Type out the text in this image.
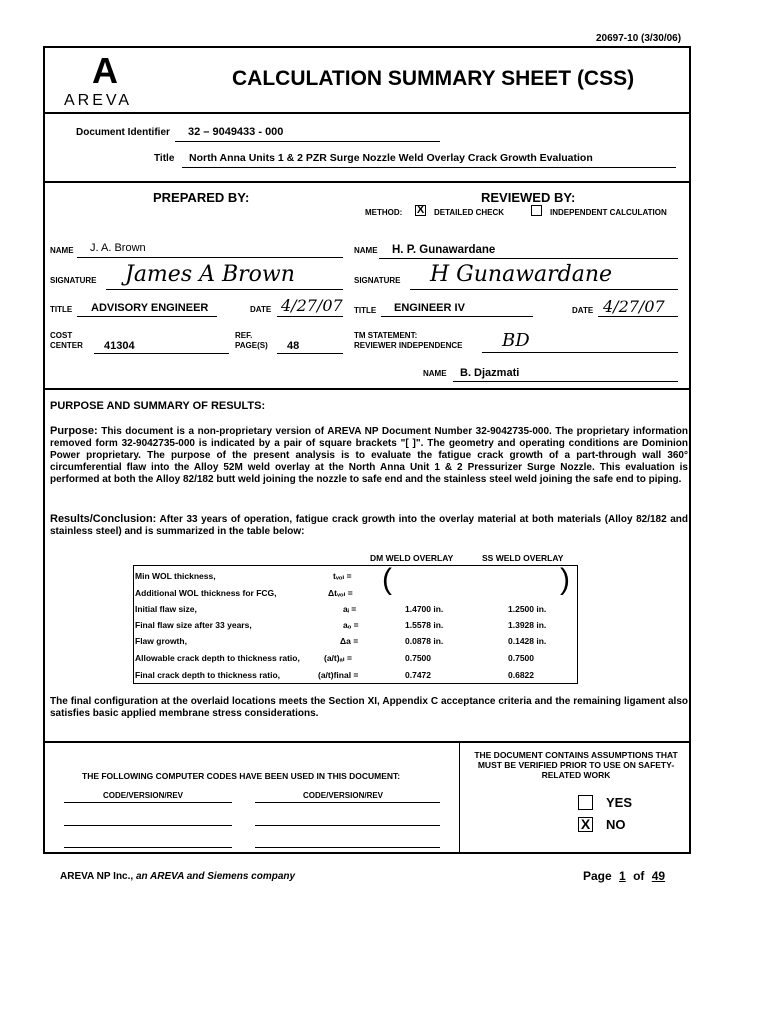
20697-10 (3/30/06)
A
AREVA
CALCULATION SUMMARY SHEET (CSS)
Document Identifier 32 – 9049433 - 000
Title North Anna Units 1 & 2 PZR Surge Nozzle Weld Overlay Crack Growth Evaluation
PREPARED BY:	REVIEWED BY:
METHOD: X DETAILED CHECK	INDEPENDENT CALCULATION
NAME J. A. Brown
SIGNATURE James A Brown
TITLE ADVISORY ENGINEER	DATE 4/27/07
COST CENTER	41304
REF. PAGE(S)	48
NAME H. P. Gunawardane
SIGNATURE H Gunawardane
TITLE ENGINEER IV	DATE 4/27/07
TM STATEMENT:
REVIEWER INDEPENDENCE BD
NAME B. Djazmati
PURPOSE AND SUMMARY OF RESULTS:
Purpose: This document is a non-proprietary version of AREVA NP Document Number 32-9042735-000. The proprietary information removed form 32-9042735-000 is indicated by a pair of square brackets "[ ]". The geometry and operating conditions are Dominion Power proprietary. The purpose of the present analysis is to evaluate the fatigue crack growth of a part-through wall 360° circumferential flaw into the Alloy 52M weld overlay at the North Anna Unit 1 & 2 Pressurizer Surge Nozzle. This evaluation is performed at both the Alloy 82/182 butt weld joining the nozzle to safe end and the stainless steel weld joining the safe end to piping.
Results/Conclusion: After 33 years of operation, fatigue crack growth into the overlay material at both materials (Alloy 82/182 and stainless steel) and is summarized in the table below:
DM WELD OVERLAY	SS WELD OVERLAY
(	)
Min WOL thickness,	tᵥₒₗ =
Additional WOL thickness for FCG,	Δtᵥₒₗ =
Initial flaw size,	aᵢ =	1.4700 in.	1.2500 in.
Final flaw size after 33 years,	aₒ =	1.5578 in.	1.3928 in.
Flaw growth,	Δa =	0.0878 in.	0.1428 in.
Allowable crack depth to thickness ratio,	(a/t)ₐₗ =	0.7500	0.7500
Final crack depth to thickness ratio,	(a/t)final =	0.7472	0.6822
The final configuration at the overlaid locations meets the Section XI, Appendix C acceptance criteria and the remaining ligament also satisfies basic applied membrane stress considerations.
THE FOLLOWING COMPUTER CODES HAVE BEEN USED IN THIS DOCUMENT:
CODE/VERSION/REV	CODE/VERSION/REV
THE DOCUMENT CONTAINS ASSUMPTIONS THAT MUST BE VERIFIED PRIOR TO USE ON SAFETY-RELATED WORK
YES
X NO
AREVA NP Inc., an AREVA and Siemens company	Page 1 of 49
